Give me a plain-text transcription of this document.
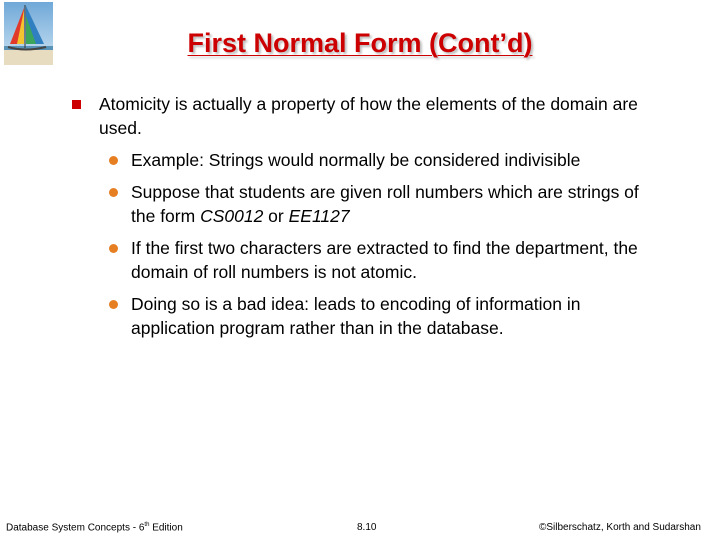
First Normal Form (Cont’d)
Atomicity is actually a property of how the elements of the domain are used.
Example: Strings would normally be considered indivisible
Suppose that students are given roll numbers which are strings of the form CS0012 or EE1127
If the first two characters are extracted to find the department, the domain of roll numbers is not atomic.
Doing so is a bad idea: leads to encoding of information in application program rather than in the database.
Database System Concepts - 6th Edition	8.10	©Silberschatz, Korth and Sudarshan
